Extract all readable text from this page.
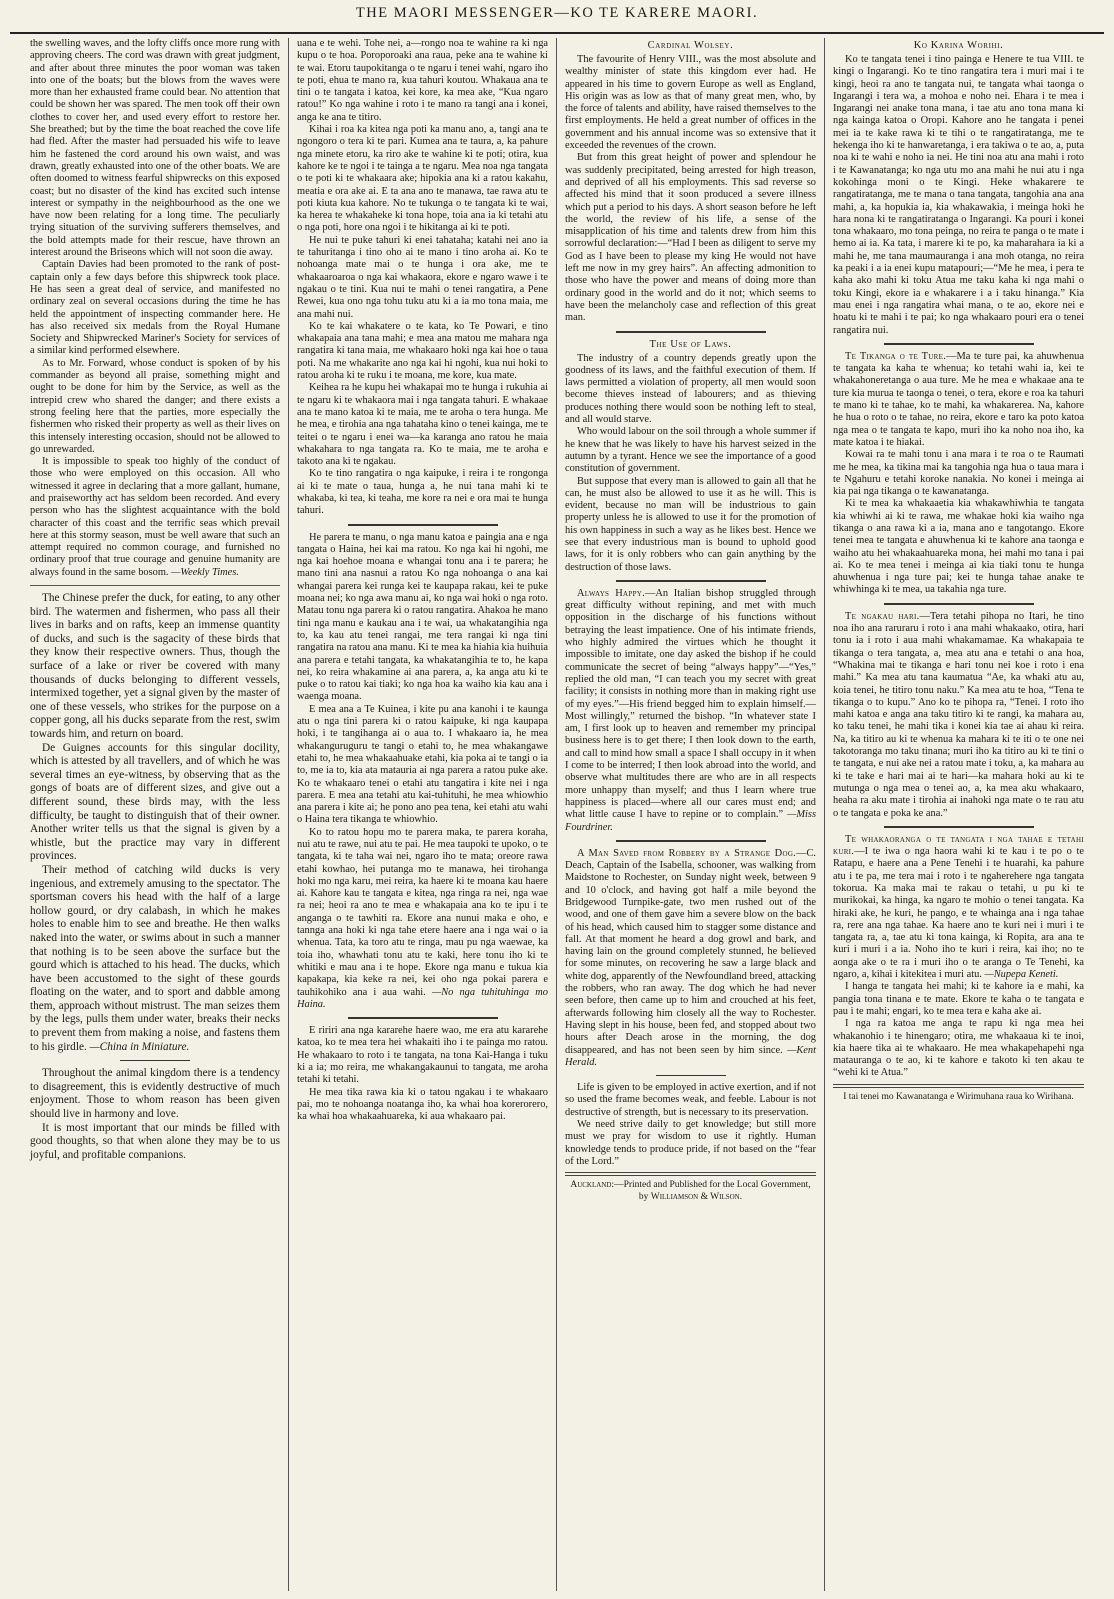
THE MAORI MESSENGER—KO TE KARERE MAORI.

the swelling waves, and the lofty cliffs once more rung with approving cheers. The cord was drawn with great judgment, and after about three minutes the poor woman was taken into one of the boats; but the blows from the waves were more than her exhausted frame could bear. No attention that could be shown her was spared. The men took off their own clothes to cover her, and used every effort to restore her. She breathed; but by the time the boat reached the cove life had fled. After the master had persuaded his wife to leave him he fastened the cord around his own waist, and was drawn, greatly exhausted into one of the other boats. We are often doomed to witness fearful shipwrecks on this exposed coast; but no disaster of the kind has excited such intense interest or sympathy in the neighbourhood as the one we have now been relating for a long time. The peculiarly trying situation of the surviving sufferers themselves, and the bold attempts made for their rescue, have thrown an interest around the Briseons which will not soon die away.

Captain Davies had been promoted to the rank of post-captain only a few days before this shipwreck took place. He has seen a great deal of service, and manifested no ordinary zeal on several occasions during the time he has held the appointment of inspecting commander here. He has also received six medals from the Royal Humane Society and Shipwrecked Mariner's Society for services of a similar kind performed elsewhere.

As to Mr. Forward, whose conduct is spoken of by his commander as beyond all praise, something might and ought to be done for him by the Service, as well as the intrepid crew who shared the danger; and there exists a strong feeling here that the parties, more especially the fishermen who risked their property as well as their lives on this intensely interesting occasion, should not be allowed to go unrewarded.

It is impossible to speak too highly of the conduct of those who were employed on this occasion. All who witnessed it agree in declaring that a more gallant, humane, and praiseworthy act has seldom been recorded. And every person who has the slightest acquaintance with the bold character of this coast and the terrific seas which prevail here at this stormy season, must be well aware that such an attempt required no common courage, and furnished no ordinary proof that true courage and genuine humanity are always found in the same bosom. —Weekly Times.

The Chinese prefer the duck, for eating, to any other bird. The watermen and fishermen, who pass all their lives in barks and on rafts, keep an immense quantity of ducks, and such is the sagacity of these birds that they know their respective owners. Thus, though the surface of a lake or river be covered with many thousands of ducks belonging to different vessels, intermixed together, yet a signal given by the master of one of these vessels, who strikes for the purpose on a copper gong, all his ducks separate from the rest, swim towards him, and return on board.

De Guignes accounts for this singular docility, which is attested by all travellers, and of which he was several times an eye-witness, by observing that as the gongs of boats are of different sizes, and give out a different sound, these birds may, with the less difficulty, be taught to distinguish that of their owner. Another writer tells us that the signal is given by a whistle, but the practice may vary in different provinces.

Their method of catching wild ducks is very ingenious, and extremely amusing to the spectator. The sportsman covers his head with the half of a large hollow gourd, or dry calabash, in which he makes holes to enable him to see and breathe. He then walks naked into the water, or swims about in such a manner that nothing is to be seen above the surface but the gourd which is attached to his head. The ducks, which have been accustomed to the sight of these gourds floating on the water, and to sport and dabble among them, approach without mistrust. The man seizes them by the legs, pulls them under water, breaks their necks to prevent them from making a noise, and fastens them to his girdle. —China in Miniature.

Throughout the animal kingdom there is a tendency to disagreement, this is evidently destructive of much enjoyment. Those to whom reason has been given should live in harmony and love.

It is most important that our minds be filled with good thoughts, so that when alone they may be to us joyful, and profitable companions.

uana e te wehi. Tohe nei, a—rongo noa te wahine ra ki nga kupu o te hoa. Poroporoaki ana raua, peke ana te wahine ki te wai. Etoru taupokitanga o te ngaru i tenei wahi, ngaro iho te poti, ehua te mano ra, kua tahuri koutou. Whakaua ana te tini o te tangata i katoa, kei kore, ka mea ake, “Kua ngaro ratou!” Ko nga wahine i roto i te mano ra tangi ana i konei, anga ke ana te titiro.

Kihai i roa ka kitea nga poti ka manu ano, a, tangi ana te ngongoro o tera ki te pari. Kumea ana te taura, a, ka pahure nga minete etoru, ka riro ake te wahine ki te poti; otira, kua kahore ke te ngoi i te tainga a te ngaru. Mea noa nga tangata o te poti ki te whakaara ake; hipokia ana ki a ratou kakahu, meatia e ora ake ai. E ta ana ano te manawa, tae rawa atu te poti kiuta kua kahore. No te tukunga o te tangata ki te wai, ka herea te whakaheke ki tona hope, toia ana ia ki tetahi atu o nga poti, hore ona ngoi i te hikitanga ai ki te poti.

He nui te puke tahuri ki enei tahataha; katahi nei ano ia te tahuritanga i tino oho ai te mano i tino aroha ai. Ko te nohoanga mate mai o te hunga i ora ake, me te whakaaroaroa o nga kai whakaora, ekore e ngaro wawe i te ngakau o te tini. Kua nui te mahi o tenei rangatira, a Pene Rewei, kua ono nga tohu tuku atu ki a ia mo tona maia, me ana mahi nui.

Ko te kai whakatere o te kata, ko Te Powari, e tino whakapaia ana tana mahi; e mea ana matou me mahara nga rangatira ki tana maia, me whakaaro hoki nga kai hoe o taua poti. Na me whakarite ano nga kai hi ngohi, kua nui hoki to ratou aroha ki te ruku i te moana, me kore, kua mate.

Keihea ra he kupu hei whakapai mo te hunga i rukuhia ai te ngaru ki te whakaora mai i nga tangata tahuri. E whakaae ana te mano katoa ki te maia, me te aroha o tera hunga. Me he mea, e tirohia ana nga tahataha kino o tenei kainga, me te teitei o te ngaru i enei wa—ka karanga ano ratou he maia whakahara to nga tangata ra. Ko te maia, me te aroha e takoto ana ki te ngakau.

Ko te tino rangatira o nga kaipuke, i reira i te rongonga ai ki te mate o taua, hunga a, he nui tana mahi ki te whakaba, ki tea, ki teaha, me kore ra nei e ora mai te hunga tahuri.

He parera te manu, o nga manu katoa e paingia ana e nga tangata o Haina, hei kai ma ratou. Ko nga kai hi ngohi, me nga kai hoehoe moana e whangai tonu ana i te parera; he mano tini ana nasnui a ratou Ko nga nohoanga o ana kai whangai parera kei runga kei te kaupapa rakau, kei te puke moana nei; ko nga awa manu ai, ko nga wai hoki o nga roto. Matau tonu nga parera ki o ratou rangatira. Ahakoa he mano tini nga manu e kaukau ana i te wai, ua whakatangihia nga to, ka kau atu tenei rangai, me tera rangai ki nga tini rangatira na ratou ana manu. Ki te mea ka hiahia kia huihuia ana parera e tetahi tangata, ka whakatangihia te to, he kapa nei, ko reira whakamine ai ana parera, a, ka anga atu ki te puke o to ratou kai tiaki; ko nga hoa ka waiho kia kau ana i waenga moana.

E mea ana a Te Kuinea, i kite pu ana kanohi i te kaunga atu o nga tini parera ki o ratou kaipuke, ki nga kaupapa hoki, i te tangihanga ai o aua to. I whakaaro ia, he mea whakanguruguru te tangi o etahi to, he mea whakangawe etahi to, he mea whakaahuake etahi, kia poka ai te tangi o ia to, me ia to, kia ata matauria ai nga parera a ratou puke ake. Ko te whakaaro tenei o etahi atu tangatira i kite nei i nga parera. E mea ana tetahi atu kai-tuhituhi, he mea whiowhio ana parera i kite ai; he pono ano pea tena, kei etahi atu wahi o Haina tera tikanga te whiowhio.

Ko to ratou hopu mo te parera maka, te parera koraha, nui atu te rawe, nui atu te pai. He mea taupoki te upoko, o te tangata, ki te taha wai nei, ngaro iho te mata; oreore rawa etahi kowhao, hei putanga mo te manawa, hei tirohanga hoki mo nga karu, mei reira, ka haere ki te moana kau haere ai. Kahore kau te tangata e kitea, nga ringa ra nei, nga wae ra nei; heoi ra ano te mea e whakapaia ana ko te ipu i te anganga o te tawhiti ra. Ekore ana nunui maka e oho, e tannga ana hoki ki nga tahe etere haere ana i nga wai o ia whenua. Tata, ka toro atu te ringa, mau pu nga waewae, ka toia iho, whawhati tonu atu te kaki, here tonu iho ki te whitiki e mau ana i te hope. Ekore nga manu e tukua kia kapakapa, kia keke ra nei, kei oho nga pokai parera e tauhikohiko ana i aua wahi. —No nga tuhituhinga mo Haina.

E ririri ana nga kararehe haere wao, me era atu kararehe katoa, ko te mea tera hei whakaiti iho i te painga mo ratou. He whakaaro to roto i te tangata, na tona Kai-Hanga i tuku ki a ia; mo reira, me whakangakaunui to tangata, me aroha tetahi ki tetahi.

He mea tika rawa kia ki o tatou ngakau i te whakaaro pai, mo te nohoanga noatanga iho, ka whai hoa korerorero, ka whai hoa whakaahuareka, ki aua whakaaro pai.

Cardinal Wolsey.

The favourite of Henry VIII., was the most absolute and wealthy minister of state this kingdom ever had. He appeared in his time to govern Europe as well as England, His origin was as low as that of many great men, who, by the force of talents and ability, have raised themselves to the first employments. He held a great number of offices in the government and his annual income was so extensive that it exceeded the revenues of the crown.

But from this great height of power and splendour he was suddenly precipitated, being arrested for high treason, and deprived of all his employments. This sad reverse so affected his mind that it soon produced a severe illness which put a period to his days. A short season before he left the world, the review of his life, a sense of the misapplication of his time and talents drew from him this sorrowful declaration:—“Had I been as diligent to serve my God as I have been to please my king He would not have left me now in my grey hairs”. An affecting admonition to those who have the power and means of doing more than ordinary good in the world and do it not; which seems to have been the melancholy case and reflection of this great man.

The Use of Laws.

The industry of a country depends greatly upon the goodness of its laws, and the faithful execution of them. If laws permitted a violation of property, all men would soon become thieves instead of labourers; and as thieving produces nothing there would soon be nothing left to steal, and all would starve.

Who would labour on the soil through a whole summer if he knew that he was likely to have his harvest seized in the autumn by a tyrant. Hence we see the importance of a good constitution of government.

But suppose that every man is allowed to gain all that he can, he must also be allowed to use it as he will. This is evident, because no man will be industrious to gain property unless he is allowed to use it for the promotion of his own happiness in such a way as he likes best. Hence we see that every industrious man is bound to uphold good laws, for it is only robbers who can gain anything by the destruction of those laws.

Always Happy.—An Italian bishop struggled through great difficulty without repining, and met with much opposition in the discharge of his functions without betraying the least impatience. One of his intimate friends, who highly admired the virtues which he thought it impossible to imitate, one day asked the bishop if he could communicate the secret of being “always happy”—“Yes,” replied the old man, “I can teach you my secret with great facility; it consists in nothing more than in making right use of my eyes.”—His friend begged him to explain himself.—Most willingly,” returned the bishop. “In whatever state I am, I first look up to heaven and remember my principal business here is to get there; I then look down to the earth, and call to mind how small a space I shall occupy in it when I come to be interred; I then look abroad into the world, and observe what multitudes there are who are in all respects more unhappy than myself; and thus I learn where true happiness is placed—where all our cares must end; and what little cause I have to repine or to complain.” —Miss Fourdriner.

A Man Saved from Robbery by a Strange Dog.—C. Deach, Captain of the Isabella, schooner, was walking from Maidstone to Rochester, on Sunday night week, between 9 and 10 o'clock, and having got half a mile beyond the Bridgewood Turnpike-gate, two men rushed out of the wood, and one of them gave him a severe blow on the back of his head, which caused him to stagger some distance and fall. At that moment he heard a dog growl and bark, and having lain on the ground completely stunned, he believed for some minutes, on recovering he saw a large black and white dog, apparently of the Newfoundland breed, attacking the robbers, who ran away. The dog which he had never seen before, then came up to him and crouched at his feet, afterwards following him closely all the way to Rochester. Having slept in his house, been fed, and stopped about two hours after Deach arose in the morning, the dog disappeared, and has not been seen by him since. —Kent Herald.

Life is given to be employed in active exertion, and if not so used the frame becomes weak, and feeble. Labour is not destructive of strength, but is necessary to its preservation.

We need strive daily to get knowledge; but still more must we pray for wisdom to use it rightly. Human knowledge tends to produce pride, if not based on the “fear of the Lord.”

Auckland:—Printed and Published for the Local Government, by Williamson & Wilson.
Ko Karina Worihi.

Ko te tangata tenei i tino painga e Henere te tua VIII. te kingi o Ingarangi. Ko te tino rangatira tera i muri mai i te kingi, heoi ra ano te tangata nui, te tangata whai taonga o Ingarangi i tera wa, a mohoa e noho nei. Ehara i te mea i Ingarangi nei anake tona mana, i tae atu ano tona mana ki nga kainga katoa o Oropi. Kahore ano he tangata i penei mei ia te kake rawa ki te tihi o te rangatiratanga, me te hekenga iho ki te hanwaretanga, i era takiwa o te ao, a, puta noa ki te wahi e noho ia nei. He tini noa atu ana mahi i roto i te Kawanatanga; ko nga utu mo ana mahi he nui atu i nga kokohinga moni o te Kingi. Heke whakarere te rangatiratanga, me te mana o tana tangata, tangohia ana ana mahi, a, ka hopukia ia, kia whakawakia, i meinga hoki he hara nona ki te rangatiratanga o Ingarangi. Ka pouri i konei tona whakaaro, mo tona peinga, no reira te panga o te mate i hemo ai ia. Ka tata, i marere ki te po, ka maharahara ia ki a mahi he, me tana maumauranga i ana moh otanga, no reira ka peaki i a ia enei kupu matapouri;—“Me he mea, i pera te kaha ako mahi ki toku Atua me taku kaha ki nga mahi o toku Kingi, ekore ia e whakarere i a i taku hinanga.” Kia mau enei i nga rangatira whai mana, o te ao, ekore nei e hoatu ki te mahi i te pai; ko nga whakaaro pouri era o tenei rangatira nui.

Te Tikanga o te Ture.—Ma te ture pai, ka ahuwhenua te tangata ka kaha te whenua; ko tetahi wahi ia, kei te whakahoneretanga o aua ture. Me he mea e whakaae ana te ture kia murua te taonga o tenei, o tera, ekore e roa ka tahuri te mano ki te tahae, ko te mahi, ka whakarerea. Na, kahore he hua o roto o te tahae, no reira, ekore e taro ka poto katoa nga mea o te tangata te kapo, muri iho ka noho noa iho, ka mate katoa i te hiakai.

Kowai ra te mahi tonu i ana mara i te roa o te Raumati me he mea, ka tikina mai ka tangohia nga hua o taua mara i te Ngahuru e tetahi koroke nanakia. No konei i meinga ai kia pai nga tikanga o te kawanatanga.

Ki te mea ka whakaaetia kia whakawhiwhia te tangata kia whiwhi ai ki te rawa, me whakae hoki kia waiho nga tikanga o ana rawa ki a ia, mana ano e tangotango. Ekore tenei mea te tangata e ahuwhenua ki te kahore ana taonga e waiho atu hei whakaahuareka mona, hei mahi mo tana i pai ai. Ko te mea tenei i meinga ai kia tiaki tonu te hunga ahuwhenua i nga ture pai; kei te hunga tahae anake te whiwhinga ki te mea, ua takahia nga ture.

Te ngakau hari.—Tera tetahi pihopa no Itari, he tino noa iho ana raruraru i roto i ana mahi whakaako, otira, hari tonu ia i roto i aua mahi whakamamae. Ka whakapaia te tikanga o tera tangata, a, mea atu ana e tetahi o ana hoa, “Whakina mai te tikanga e hari tonu nei koe i roto i ena mahi.” Ka mea atu tana kaumatua “Ae, ka whaki atu au, koia tenei, he titiro tonu naku.” Ka mea atu te hoa, “Tena te tikanga o to kupu.” Ano ko te pihopa ra, “Tenei. I roto iho mahi katoa e anga ana taku titiro ki te rangi, ka mahara au, ko taku tenei, he mahi tika i konei kia tae ai ahau ki reira. Na, ka titiro au ki te whenua ka mahara ki te iti o te one nei takotoranga mo taku tinana; muri iho ka titiro au ki te tini o te tangata, e nui ake nei a ratou mate i toku, a, ka mahara au ki te take e hari mai ai te hari—ka mahara hoki au ki te mutunga o nga mea o tenei ao, a, ka mea aku whakaaro, heaha ra aku mate i tirohia ai inahoki nga mate o te rau atu o te tangata e poka ke ana.”

Te whakaoranga o te tangata i nga tahae e tetahi kuri.—I te iwa o nga haora wahi ki te kau i te po o te Ratapu, e haere ana a Pene Tenehi i te huarahi, ka pahure atu i te pa, me tera mai i roto i te ngaherehere nga tangata tokorua. Ka maka mai te rakau o tetahi, u pu ki te murikokai, ka hinga, ka ngaro te mohio o tenei tangata. Ka hiraki ake, he kuri, he pango, e te whainga ana i nga tahae ra, rere ana nga tahae. Ka haere ano te kuri nei i muri i te tangata ra, a, tae atu ki tona kainga, ki Ropita, ara ana te kuri i muri i a ia. Noho iho te kuri i reira, kai iho; no te aonga ake o te ra i muri iho o te aranga o Te Tenehi, ka ngaro, a, kihai i kitekitea i muri atu. —Nupepa Keneti.

I hanga te tangata hei mahi; ki te kahore ia e mahi, ka pangia tona tinana e te mate. Ekore te kaha o te tangata e pau i te mahi; engari, ko te mea tera e kaha ake ai.

I nga ra katoa me anga te rapu ki nga mea hei whakanohio i te hinengaro; otira, me whakaaua ki te inoi, kia haere tika ai te whakaaro. He mea whakapehapehi nga matauranga o te ao, ki te kahore e takoto ki ten akau te “wehi ki te Atua.”

I tai tenei mo Kawanatanga e Wirimuhana raua ko Wirihana.
